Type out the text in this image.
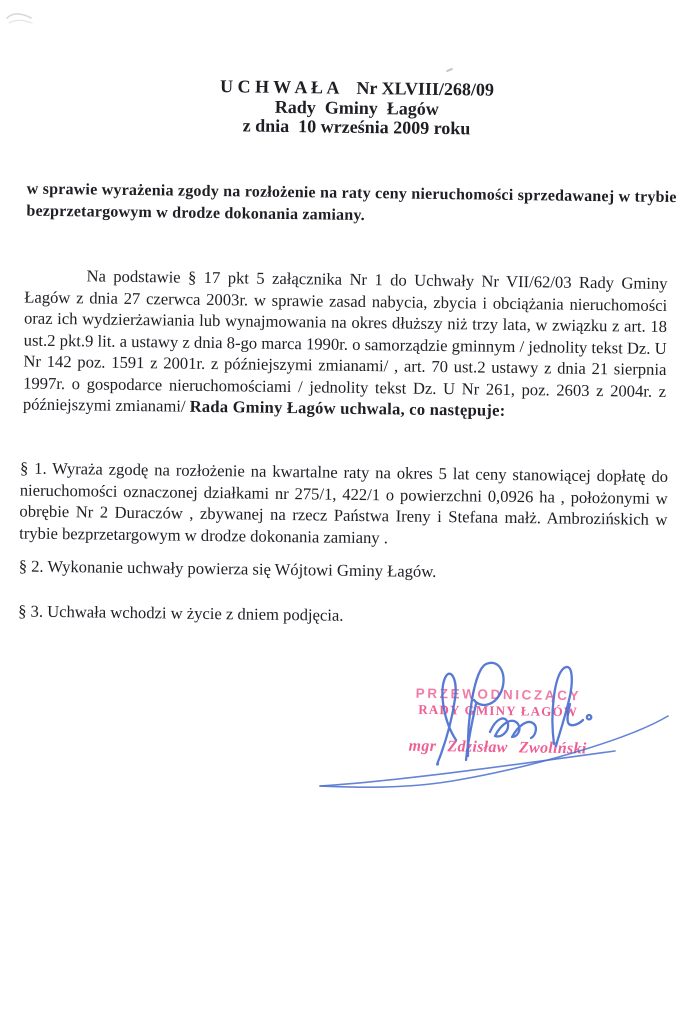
U C H W A Ł A    Nr XLVIII/268/09
Rady  Gminy  Łagów
z dnia  10 września 2009 roku

w sprawie wyrażenia zgody na rozłożenie na raty ceny nieruchomości sprzedawanej w trybie bezprzetargowym w drodze dokonania zamiany.

Na podstawie § 17 pkt 5 załącznika Nr 1 do Uchwały Nr VII/62/03 Rady Gminy Łagów z dnia 27 czerwca 2003r. w sprawie zasad nabycia, zbycia i obciążania nieruchomości oraz ich wydzierżawiania lub wynajmowania na okres dłuższy niż trzy lata, w związku z art. 18 ust.2 pkt.9 lit. a ustawy z dnia 8-go marca 1990r. o samorządzie gminnym / jednolity tekst Dz. U Nr 142 poz. 1591 z 2001r. z późniejszymi zmianami/ , art. 70 ust.2 ustawy z dnia 21 sierpnia 1997r. o gospodarce nieruchomościami / jednolity tekst Dz. U Nr 261, poz. 2603 z 2004r. z późniejszymi zmianami/ Rada Gminy Łagów uchwala, co następuje:

§ 1. Wyraża zgodę na rozłożenie na kwartalne raty na okres 5 lat ceny stanowiącej dopłatę do nieruchomości oznaczonej działkami nr 275/1, 422/1 o powierzchni 0,0926 ha , położonymi w obrębie Nr 2 Duraczów , zbywanej na rzecz Państwa Ireny i Stefana małż. Ambrozińskich w trybie bezprzetargowym w drodze dokonania zamiany .

§ 2. Wykonanie uchwały powierza się Wójtowi Gminy Łagów.

§ 3. Uchwała wchodzi w życie z dniem podjęcia.

PRZEWODNICZĄCY
RADY GMINY ŁAGÓW
mgr Zdzisław Zwoliński
